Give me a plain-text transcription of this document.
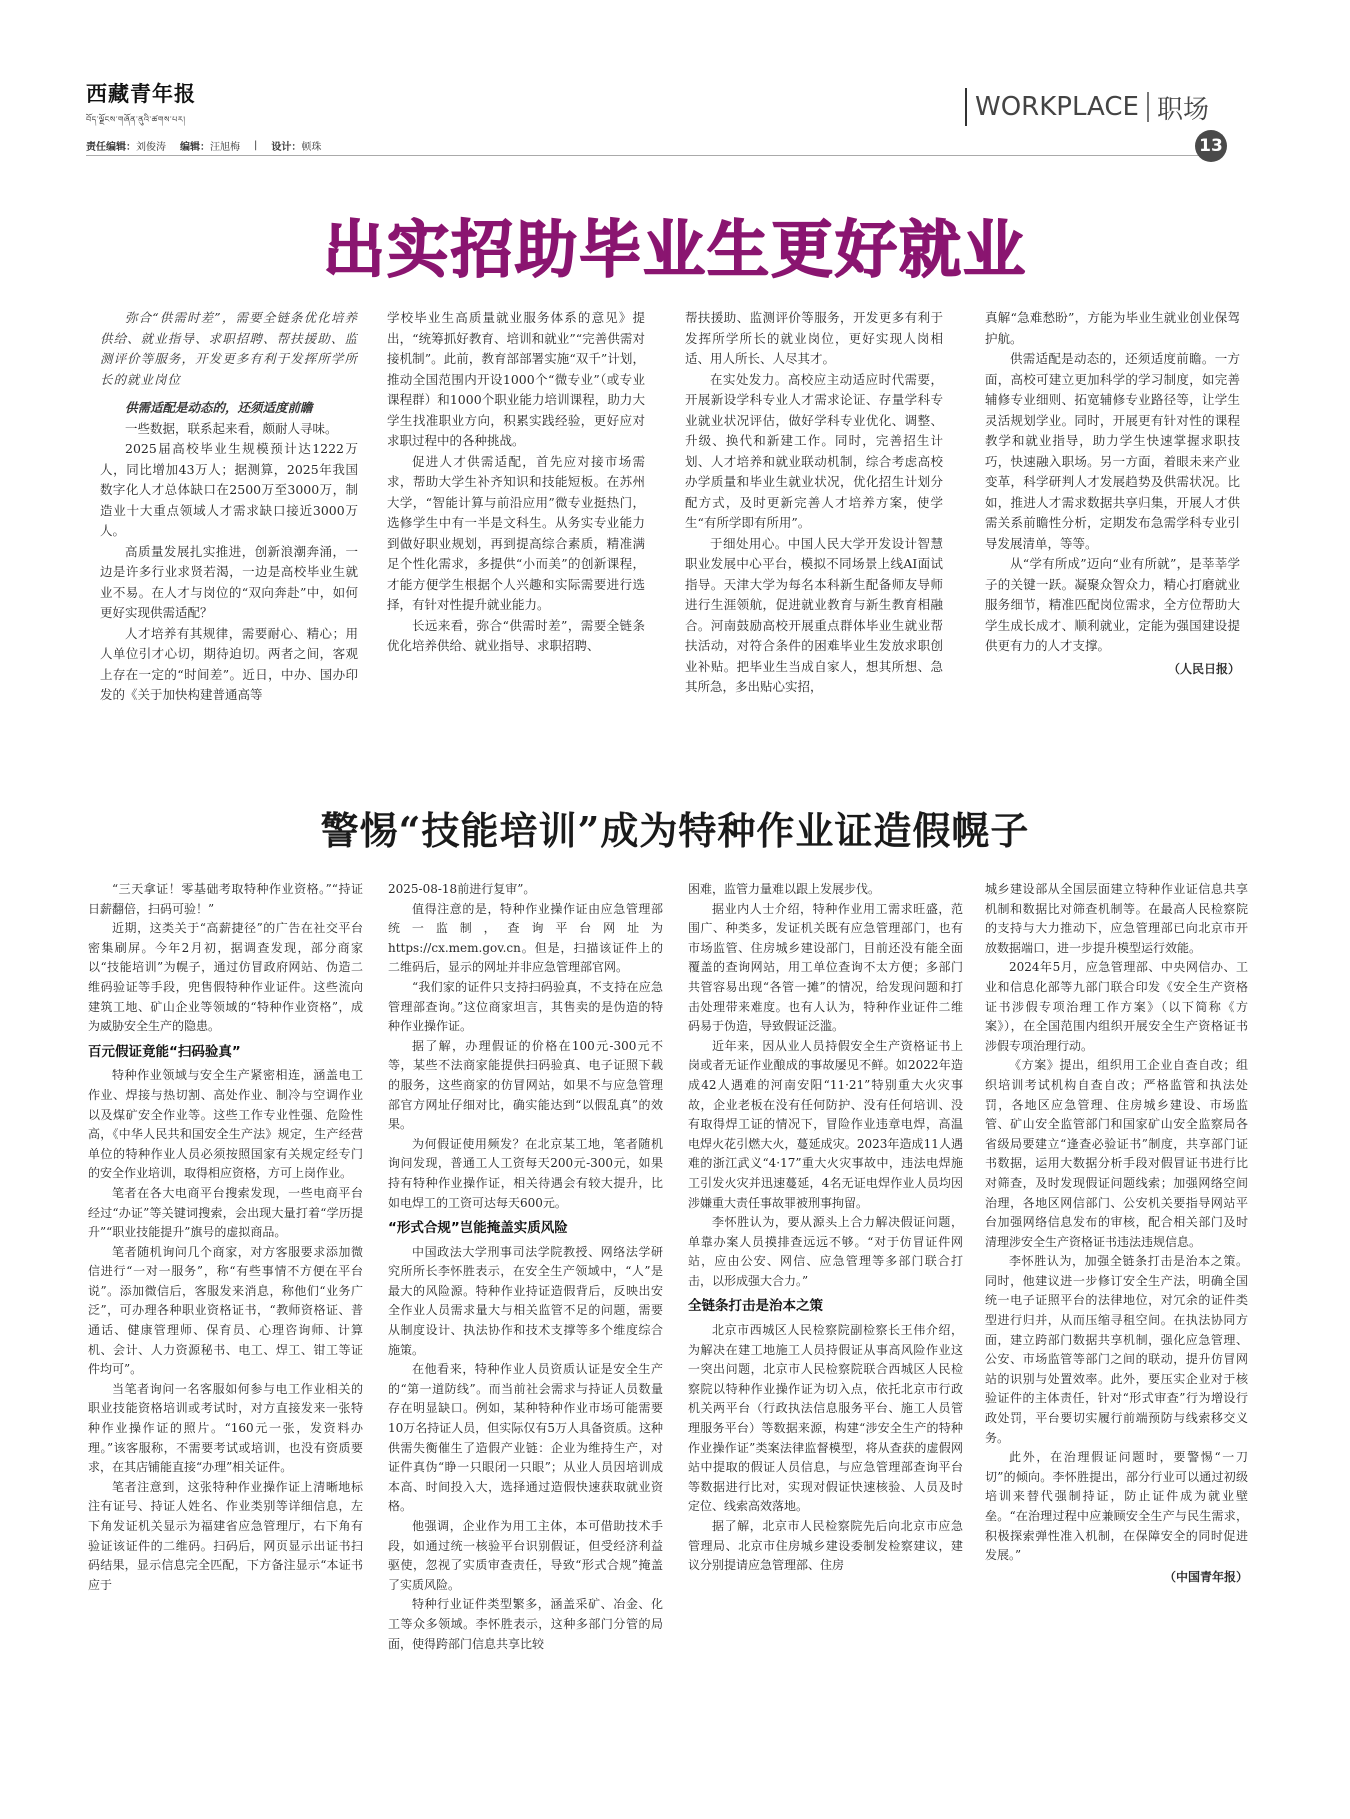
西藏青年报
བོད་ལྗོངས་གཞོན་ནུའི་ཚགས་པར།	WORKPLACE 职场
责任编辑：刘俊涛 编辑：汪旭梅 | 设计：顿珠	13
出实招助毕业生更好就业

弥合“供需时差”，需要全链条优化培养供给、就业指导、求职招聘、帮扶援助、监测评价等服务，开发更多有利于发挥所学所长的就业岗位

供需适配是动态的，还须适度前瞻

一些数据，联系起来看，颇耐人寻味。

2025届高校毕业生规模预计达1222万人，同比增加43万人；据测算，2025年我国数字化人才总体缺口在2500万至3000万，制造业十大重点领域人才需求缺口接近3000万人。

高质量发展扎实推进，创新浪潮奔涌，一边是许多行业求贤若渴，一边是高校毕业生就业不易。在人才与岗位的“双向奔赴”中，如何更好实现供需适配？

人才培养有其规律，需要耐心、精心；用人单位引才心切，期待迫切。两者之间，客观上存在一定的“时间差”。近日，中办、国办印发的《关于加快构建普通高等

学校毕业生高质量就业服务体系的意见》提出，“统筹抓好教育、培训和就业”“完善供需对接机制”。此前，教育部部署实施“双千”计划，推动全国范围内开设1000个“微专业”（或专业课程群）和1000个职业能力培训课程，助力大学生找准职业方向，积累实践经验，更好应对求职过程中的各种挑战。

促进人才供需适配，首先应对接市场需求，帮助大学生补齐知识和技能短板。在苏州大学，“智能计算与前沿应用”微专业挺热门，选修学生中有一半是文科生。从务实专业能力到做好职业规划，再到提高综合素质，精准满足个性化需求，多提供“小而美”的创新课程，才能方便学生根据个人兴趣和实际需要进行选择，有针对性提升就业能力。

长远来看，弥合“供需时差”，需要全链条优化培养供给、就业指导、求职招聘、

帮扶援助、监测评价等服务，开发更多有利于发挥所学所长的就业岗位，更好实现人岗相适、用人所长、人尽其才。

在实处发力。高校应主动适应时代需要，开展新设学科专业人才需求论证、存量学科专业就业状况评估，做好学科专业优化、调整、升级、换代和新建工作。同时，完善招生计划、人才培养和就业联动机制，综合考虑高校办学质量和毕业生就业状况，优化招生计划分配方式，及时更新完善人才培养方案，使学生“有所学即有所用”。

于细处用心。中国人民大学开发设计智慧职业发展中心平台，模拟不同场景上线AI面试指导。天津大学为每名本科新生配备师友导师进行生涯领航，促进就业教育与新生教育相融合。河南鼓励高校开展重点群体毕业生就业帮扶活动，对符合条件的困难毕业生发放求职创业补贴。把毕业生当成自家人，想其所想、急其所急，多出贴心实招，

真解“急难愁盼”，方能为毕业生就业创业保驾护航。

供需适配是动态的，还须适度前瞻。一方面，高校可建立更加科学的学习制度，如完善辅修专业细则、拓宽辅修专业路径等，让学生灵活规划学业。同时，开展更有针对性的课程教学和就业指导，助力学生快速掌握求职技巧，快速融入职场。另一方面，着眼未来产业变革，科学研判人才发展趋势及供需状况。比如，推进人才需求数据共享归集，开展人才供需关系前瞻性分析，定期发布急需学科专业引导发展清单，等等。

从“学有所成”迈向“业有所就”，是莘莘学子的关键一跃。凝聚众智众力，精心打磨就业服务细节，精准匹配岗位需求，全方位帮助大学生成长成才、顺利就业，定能为强国建设提供更有力的人才支撑。

（人民日报）
警惕“技能培训”成为特种作业证造假幌子

“三天拿证！零基础考取特种作业资格。”“持证日薪翻倍，扫码可验！”

近期，这类关于“高薪捷径”的广告在社交平台密集刷屏。今年2月初，据调查发现，部分商家以“技能培训”为幌子，通过仿冒政府网站、伪造二维码验证等手段，兜售假特种作业证件。这些流向建筑工地、矿山企业等领域的“特种作业资格”，成为威胁安全生产的隐患。

百元假证竟能“扫码验真”

特种作业领域与安全生产紧密相连，涵盖电工作业、焊接与热切割、高处作业、制冷与空调作业以及煤矿安全作业等。这些工作专业性强、危险性高，《中华人民共和国安全生产法》规定，生产经营单位的特种作业人员必须按照国家有关规定经专门的安全作业培训，取得相应资格，方可上岗作业。

笔者在各大电商平台搜索发现，一些电商平台经过“办证”等关键词搜索，会出现大量打着“学历提升”“职业技能提升”旗号的虚拟商品。

笔者随机询问几个商家，对方客服要求添加微信进行“一对一服务”，称“有些事情不方便在平台说”。添加微信后，客服发来消息，称他们“业务广泛”，可办理各种职业资格证书，“教师资格证、普通话、健康管理师、保育员、心理咨询师、计算机、会计、人力资源秘书、电工、焊工、钳工等证件均可”。

当笔者询问一名客服如何参与电工作业相关的职业技能资格培训或考试时，对方直接发来一张特种作业操作证的照片。“160元一张，发资料办理。”该客服称，不需要考试或培训，也没有资质要求，在其店铺能直接“办理”相关证件。

笔者注意到，这张特种作业操作证上清晰地标注有证号、持证人姓名、作业类别等详细信息，左下角发证机关显示为福建省应急管理厅，右下角有验证该证件的二维码。扫码后，网页显示出证书扫码结果，显示信息完全匹配，下方备注显示“本证书应于

2025-08-18前进行复审”。

值得注意的是，特种作业操作证由应急管理部统一监制，查询平台网址为https://cx.mem.gov.cn。但是，扫描该证件上的二维码后，显示的网址并非应急管理部官网。

“我们家的证件只支持扫码验真，不支持在应急管理部查询。”这位商家坦言，其售卖的是伪造的特种作业操作证。

据了解，办理假证的价格在100元-300元不等，某些不法商家能提供扫码验真、电子证照下载的服务，这些商家的仿冒网站，如果不与应急管理部官方网址仔细对比，确实能达到“以假乱真”的效果。

为何假证使用频发？在北京某工地，笔者随机询问发现，普通工人工资每天200元-300元，如果持有特种作业操作证，相关待遇会有较大提升，比如电焊工的工资可达每天600元。

“形式合规”岂能掩盖实质风险

中国政法大学刑事司法学院教授、网络法学研究所所长李怀胜表示，在安全生产领域中，“人”是最大的风险源。特种作业持证造假背后，反映出安全作业人员需求量大与相关监管不足的问题，需要从制度设计、执法协作和技术支撑等多个维度综合施策。

在他看来，特种作业人员资质认证是安全生产的“第一道防线”。而当前社会需求与持证人员数量存在明显缺口。例如，某种特种作业市场可能需要10万名持证人员，但实际仅有5万人具备资质。这种供需失衡催生了造假产业链：企业为维持生产，对证件真伪“睁一只眼闭一只眼”；从业人员因培训成本高、时间投入大，选择通过造假快速获取就业资格。

他强调，企业作为用工主体，本可借助技术手段，如通过统一核验平台识别假证，但受经济利益驱使，忽视了实质审查责任，导致“形式合规”掩盖了实质风险。

特种行业证件类型繁多，涵盖采矿、冶金、化工等众多领域。李怀胜表示，这种多部门分管的局面，使得跨部门信息共享比较

困难，监管力量难以跟上发展步伐。

据业内人士介绍，特种作业用工需求旺盛，范围广、种类多，发证机关既有应急管理部门，也有市场监管、住房城乡建设部门，目前还没有能全面覆盖的查询网站，用工单位查询不太方便；多部门共管容易出现“各管一摊”的情况，给发现问题和打击处理带来难度。也有人认为，特种作业证件二维码易于伪造，导致假证泛滥。

近年来，因从业人员持假安全生产资格证书上岗或者无证作业酿成的事故屡见不鲜。如2022年造成42人遇难的河南安阳“11·21”特别重大火灾事故，企业老板在没有任何防护、没有任何培训、没有取得焊工证的情况下，冒险作业违章电焊，高温电焊火花引燃大火，蔓延成灾。2023年造成11人遇难的浙江武义“4·17”重大火灾事故中，违法电焊施工引发火灾并迅速蔓延，4名无证电焊作业人员均因涉嫌重大责任事故罪被刑事拘留。

李怀胜认为，要从源头上合力解决假证问题，单靠办案人员摸排查远远不够。“对于仿冒证件网站，应由公安、网信、应急管理等多部门联合打击，以形成强大合力。”

全链条打击是治本之策

北京市西城区人民检察院副检察长王伟介绍，为解决在建工地施工人员持假证从事高风险作业这一突出问题，北京市人民检察院联合西城区人民检察院以特种作业操作证为切入点，依托北京市行政机关两平台（行政执法信息服务平台、施工人员管理服务平台）等数据来源，构建“涉安全生产的特种作业操作证”类案法律监督模型，将从查获的虚假网站中提取的假证人员信息，与应急管理部查询平台等数据进行比对，实现对假证快速核验、人员及时定位、线索高效落地。

据了解，北京市人民检察院先后向北京市应急管理局、北京市住房城乡建设委制发检察建议，建议分别提请应急管理部、住房

城乡建设部从全国层面建立特种作业证信息共享机制和数据比对筛查机制等。在最高人民检察院的支持与大力推动下，应急管理部已向北京市开放数据端口，进一步提升模型运行效能。

2024年5月，应急管理部、中央网信办、工业和信息化部等九部门联合印发《安全生产资格证书涉假专项治理工作方案》（以下简称《方案》），在全国范围内组织开展安全生产资格证书涉假专项治理行动。

《方案》提出，组织用工企业自查自改；组织培训考试机构自查自改；严格监管和执法处罚，各地区应急管理、住房城乡建设、市场监管、矿山安全监管部门和国家矿山安全监察局各省级局要建立“逢查必验证书”制度，共享部门证书数据，运用大数据分析手段对假冒证书进行比对筛查，及时发现假证问题线索；加强网络空间治理，各地区网信部门、公安机关要指导网站平台加强网络信息发布的审核，配合相关部门及时清理涉安全生产资格证书违法违规信息。

李怀胜认为，加强全链条打击是治本之策。同时，他建议进一步修订安全生产法，明确全国统一电子证照平台的法律地位，对冗余的证件类型进行归并，从而压缩寻租空间。在执法协同方面，建立跨部门数据共享机制，强化应急管理、公安、市场监管等部门之间的联动，提升仿冒网站的识别与处置效率。此外，要压实企业对于核验证件的主体责任，针对“形式审查”行为增设行政处罚，平台要切实履行前端预防与线索移交义务。

此外，在治理假证问题时，要警惕“一刀切”的倾向。李怀胜提出，部分行业可以通过初级培训来替代强制持证，防止证件成为就业壁垒。“在治理过程中应兼顾安全生产与民生需求，积极探索弹性准入机制，在保障安全的同时促进发展。”

（中国青年报）
